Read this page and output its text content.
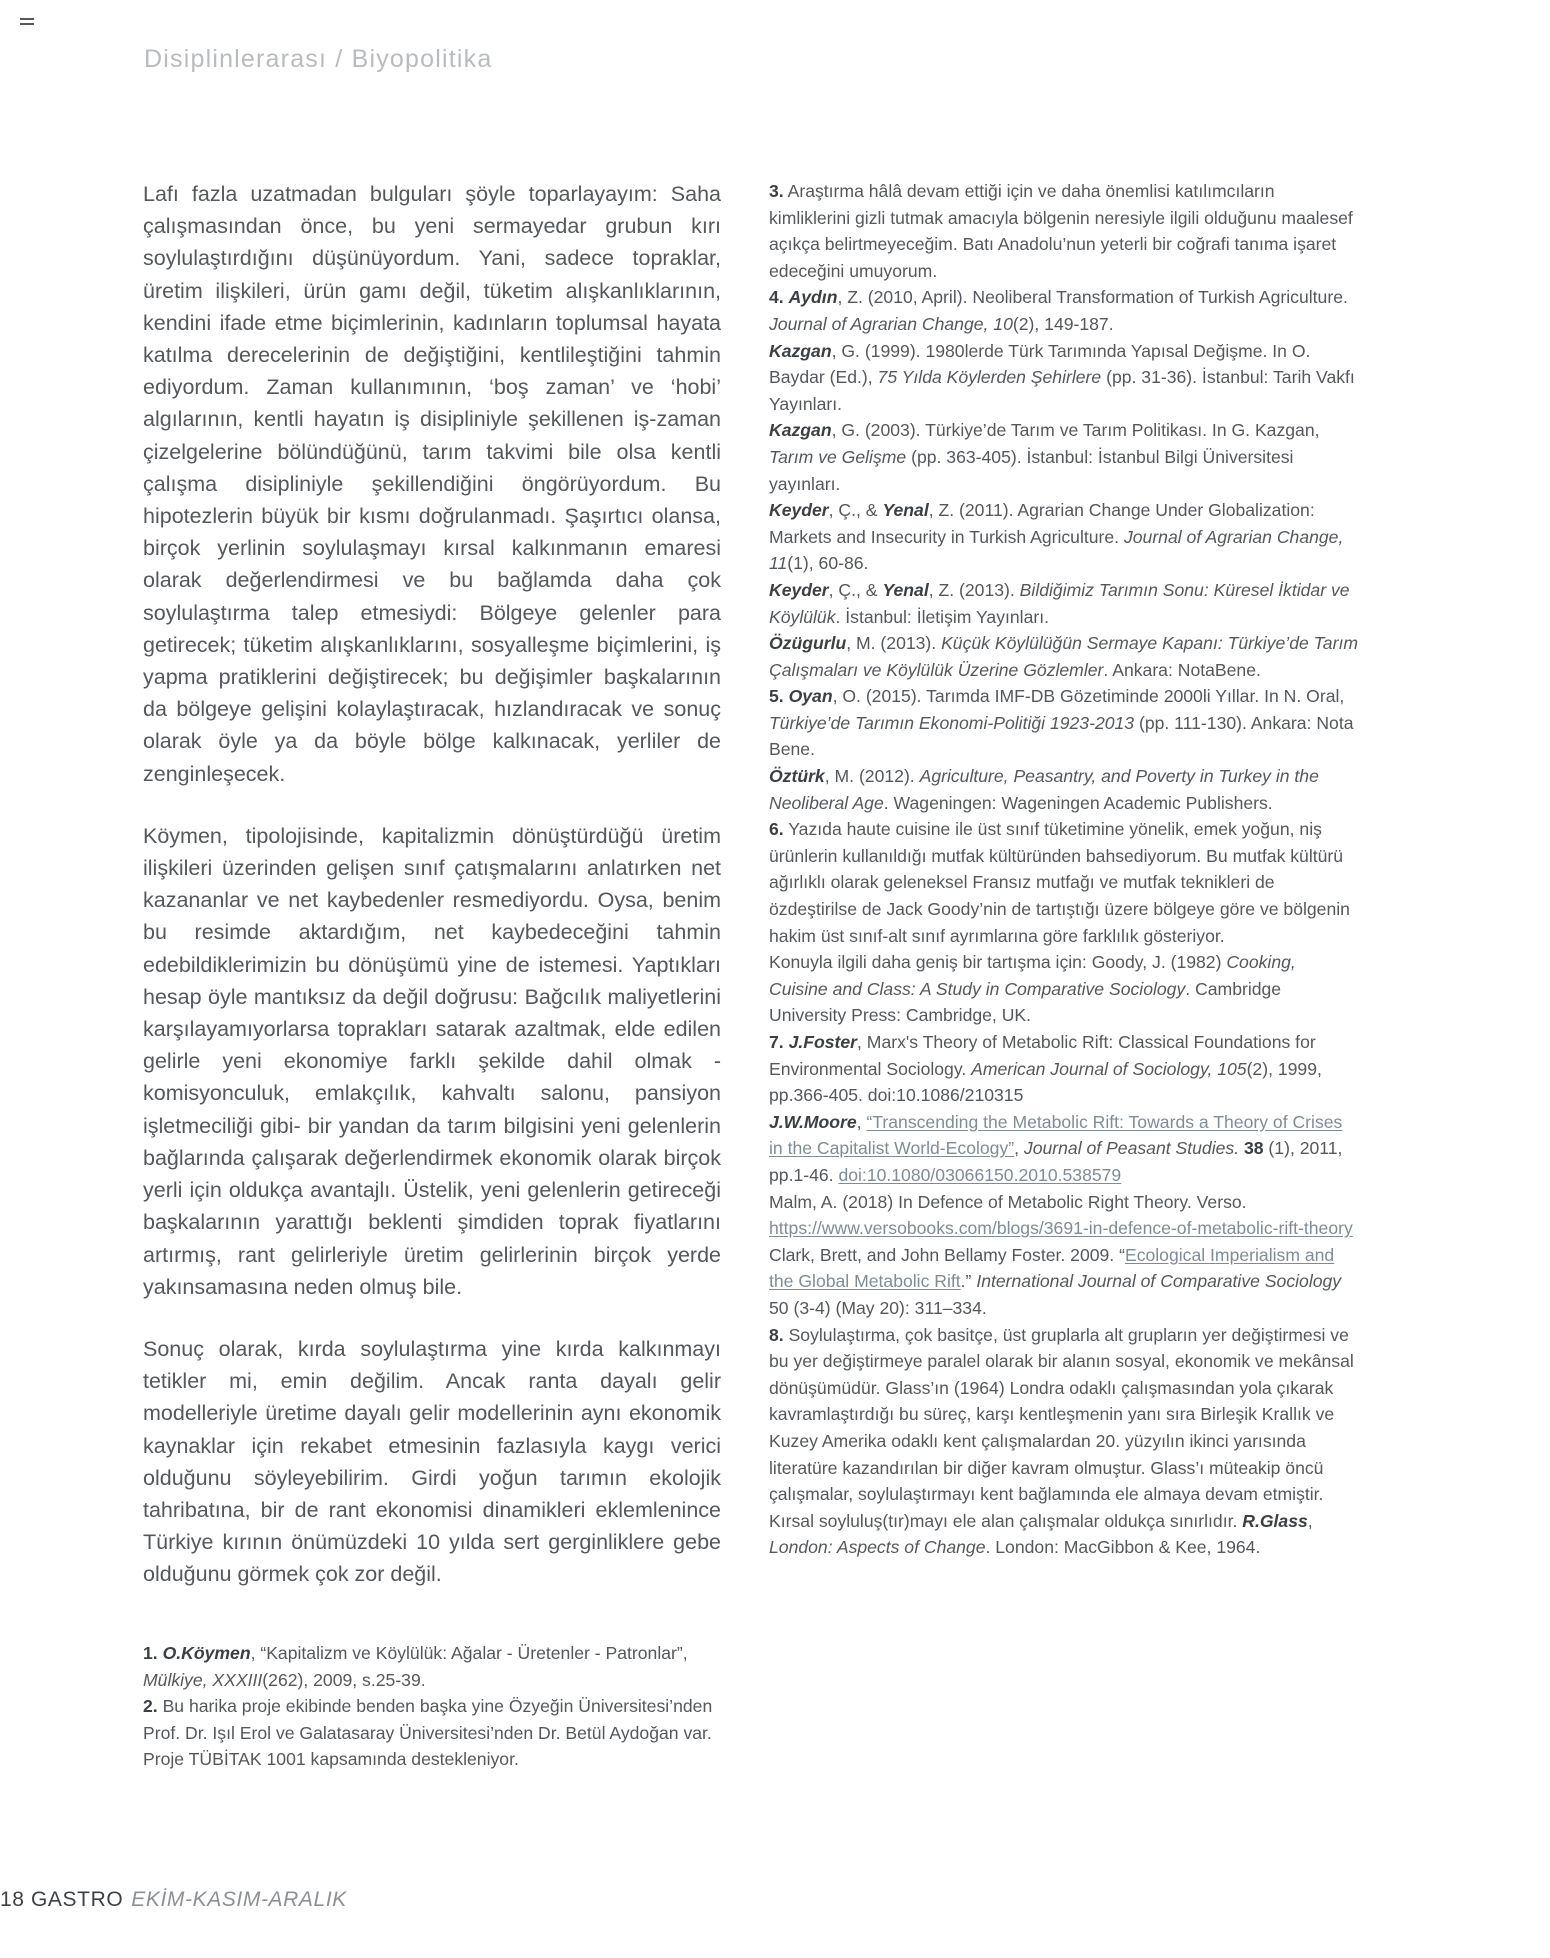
Disiplinlerarası / Biyopolitika

Lafı fazla uzatmadan bulguları şöyle toparlayayım: Saha çalışmasından önce, bu yeni sermayedar grubun kırı soylulaştırdığını düşünüyordum. Yani, sadece topraklar, üretim ilişkileri, ürün gamı değil, tüketim alışkanlıklarının, kendini ifade etme biçimlerinin, kadınların toplumsal hayata katılma derecelerinin de değiştiğini, kentlileştiğini tahmin ediyordum. Zaman kullanımının, ‘boş zaman’ ve ‘hobi’ algılarının, kentli hayatın iş disipliniyle şekillenen iş-zaman çizelgelerine bölündüğünü, tarım takvimi bile olsa kentli çalışma disipliniyle şekillendiğini öngörüyordum. Bu hipotezlerin büyük bir kısmı doğrulanmadı. Şaşırtıcı olansa, birçok yerlinin soylulaşmayı kırsal kalkınmanın emaresi olarak değerlendirmesi ve bu bağlamda daha çok soylulaştırma talep etmesiydi: Bölgeye gelenler para getirecek; tüketim alışkanlıklarını, sosyalleşme biçimlerini, iş yapma pratiklerini değiştirecek; bu değişimler başkalarının da bölgeye gelişini kolaylaştıracak, hızlandıracak ve sonuç olarak öyle ya da böyle bölge kalkınacak, yerliler de zenginleşecek.

Köymen, tipolojisinde, kapitalizmin dönüştürdüğü üretim ilişkileri üzerinden gelişen sınıf çatışmalarını anlatırken net kazananlar ve net kaybedenler resmediyordu. Oysa, benim bu resimde aktardığım, net kaybedeceğini tahmin edebildiklerimizin bu dönüşümü yine de istemesi. Yaptıkları hesap öyle mantıksız da değil doğrusu: Bağcılık maliyetlerini karşılayamıyorlarsa toprakları satarak azaltmak, elde edilen gelirle yeni ekonomiye farklı şekilde dahil olmak -komisyonculuk, emlakçılık, kahvaltı salonu, pansiyon işletmeciliği gibi- bir yandan da tarım bilgisini yeni gelenlerin bağlarında çalışarak değerlendirmek ekonomik olarak birçok yerli için oldukça avantajlı. Üstelik, yeni gelenlerin getireceği başkalarının yarattığı beklenti şimdiden toprak fiyatlarını artırmış, rant gelirleriyle üretim gelirlerinin birçok yerde yakınsamasına neden olmuş bile.

Sonuç olarak, kırda soylulaştırma yine kırda kalkınmayı tetikler mi, emin değilim. Ancak ranta dayalı gelir modelleriyle üretime dayalı gelir modellerinin aynı ekonomik kaynaklar için rekabet etmesinin fazlasıyla kaygı verici olduğunu söyleyebilirim. Girdi yoğun tarımın ekolojik tahribatına, bir de rant ekonomisi dinamikleri eklemlenince Türkiye kırının önümüzdeki 10 yılda sert gerginliklere gebe olduğunu görmek çok zor değil.

3. Araştırma hâlâ devam ettiği için ve daha önemlisi katılımcıların kimliklerini gizli tutmak amacıyla bölgenin neresiyle ilgili olduğunu maalesef açıkça belirtmeyeceğim. Batı Anadolu’nun yeterli bir coğrafi tanıma işaret edeceğini umuyorum.
4. Aydın, Z. (2010, April). Neoliberal Transformation of Turkish Agriculture. Journal of Agrarian Change, 10(2), 149-187.
Kazgan, G. (1999). 1980lerde Türk Tarımında Yapısal Değişme. In O. Baydar (Ed.), 75 Yılda Köylerden Şehirlere (pp. 31-36). İstanbul: Tarih Vakfı Yayınları.
Kazgan, G. (2003). Türkiye’de Tarım ve Tarım Politikası. In G. Kazgan, Tarım ve Gelişme (pp. 363-405). İstanbul: İstanbul Bilgi Üniversitesi yayınları.
Keyder, Ç., & Yenal, Z. (2011). Agrarian Change Under Globalization: Markets and Insecurity in Turkish Agriculture. Journal of Agrarian Change, 11(1), 60-86.
Keyder, Ç., & Yenal, Z. (2013). Bildiğimiz Tarımın Sonu: Küresel İktidar ve Köylülük. İstanbul: İletişim Yayınları.
Özügurlu, M. (2013). Küçük Köylülüğün Sermaye Kapanı: Türkiye’de Tarım Çalışmaları ve Köylülük Üzerine Gözlemler. Ankara: NotaBene.
5. Oyan, O. (2015). Tarımda IMF-DB Gözetiminde 2000li Yıllar. In N. Oral, Türkiye’de Tarımın Ekonomi-Politiği 1923-2013 (pp. 111-130). Ankara: Nota Bene.
Öztürk, M. (2012). Agriculture, Peasantry, and Poverty in Turkey in the Neoliberal Age. Wageningen: Wageningen Academic Publishers.
6. Yazıda haute cuisine ile üst sınıf tüketimine yönelik, emek yoğun, niş ürünlerin kullanıldığı mutfak kültüründen bahsediyorum. Bu mutfak kültürü ağırlıklı olarak geleneksel Fransız mutfağı ve mutfak teknikleri de özdeştirilse de Jack Goody’nin de tartıştığı üzere bölgeye göre ve bölgenin hakim üst sınıf-alt sınıf ayrımlarına göre farklılık gösteriyor.
Konuyla ilgili daha geniş bir tartışma için: Goody, J. (1982) Cooking, Cuisine and Class: A Study in Comparative Sociology. Cambridge University Press: Cambridge, UK.
7. J.Foster, Marx's Theory of Metabolic Rift: Classical Foundations for Environmental Sociology. American Journal of Sociology, 105(2), 1999, pp.366-405. doi:10.1086/210315
J.W.Moore, “Transcending the Metabolic Rift: Towards a Theory of Crises in the Capitalist World-Ecology”, Journal of Peasant Studies. 38 (1), 2011, pp.1-46. doi:10.1080/03066150.2010.538579
Malm, A. (2018) In Defence of Metabolic Right Theory. Verso. https://www.versobooks.com/blogs/3691-in-defence-of-metabolic-rift-theory
Clark, Brett, and John Bellamy Foster. 2009. “Ecological Imperialism and the Global Metabolic Rift.” International Journal of Comparative Sociology 50 (3-4) (May 20): 311–334.
8. Soylulaştırma, çok basitçe, üst gruplarla alt grupların yer değiştirmesi ve bu yer değiştirmeye paralel olarak bir alanın sosyal, ekonomik ve mekânsal dönüşümüdür. Glass’ın (1964) Londra odaklı çalışmasından yola çıkarak kavramlaştırdığı bu süreç, karşı kentleşmenin yanı sıra Birleşik Krallık ve Kuzey Amerika odaklı kent çalışmalardan 20. yüzyılın ikinci yarısında literatüre kazandırılan bir diğer kavram olmuştur. Glass’ı müteakip öncü çalışmalar, soylulaştırmayı kent bağlamında ele almaya devam etmiştir. Kırsal soyluluş(tır)mayı ele alan çalışmalar oldukça sınırlıdır. R.Glass, London: Aspects of Change. London: MacGibbon & Kee, 1964.
1. O.Köymen, “Kapitalizm ve Köylülük: Ağalar - Üretenler - Patronlar”, Mülkiye, XXXIII(262), 2009, s.25-39.
2. Bu harika proje ekibinde benden başka yine Özyeğin Üniversitesi’nden Prof. Dr. Işıl Erol ve Galatasaray Üniversitesi’nden Dr. Betül Aydoğan var. Proje TÜBİTAK 1001 kapsamında destekleniyor.
18 GASTRO EKİM-KASIM-ARALIK
